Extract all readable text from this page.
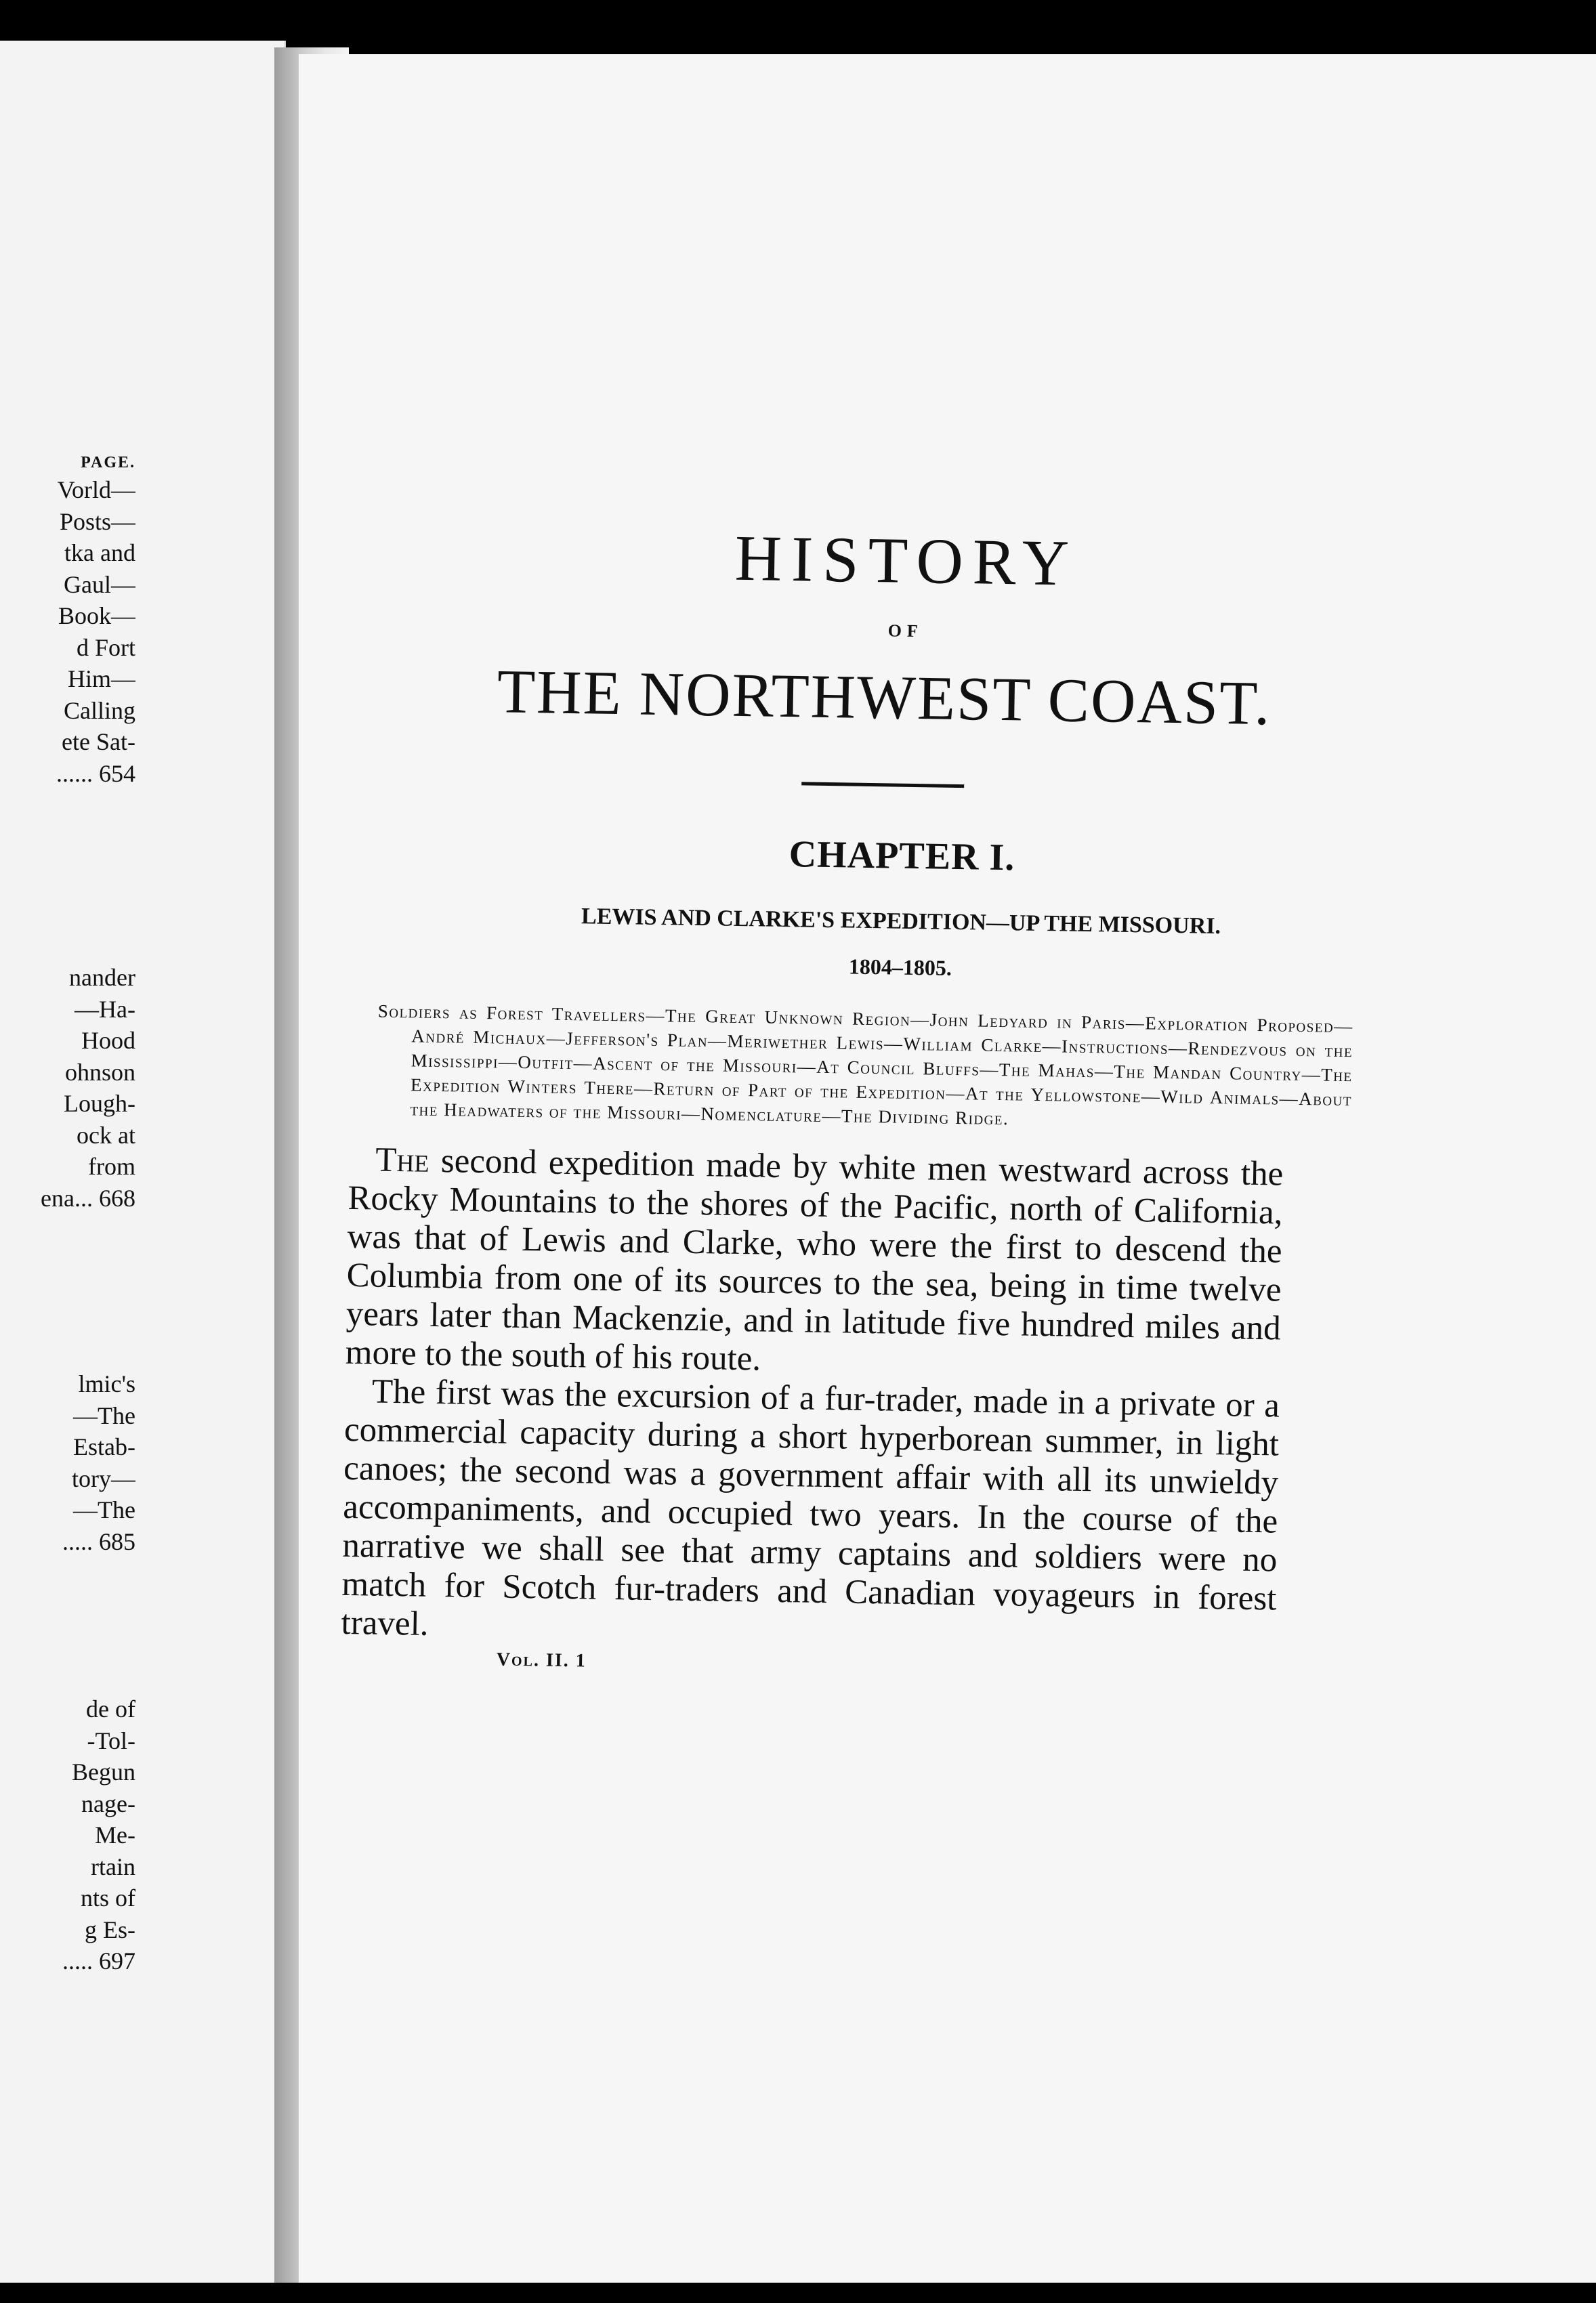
PAGE.
Vorld—
Posts—
tka and
Gaul—
Book—
d Fort
Him—
Calling
ete Sat-
...... 654
nander
—Ha-
Hood
ohnson
Lough-
ock at
from
ena... 668
lmic's
—The
Estab-
tory—
—The
..... 685
de of
-Tol-
Begun
nage-
Me-
rtain
nts of
g Es-
..... 697
HISTORY
OF
THE NORTHWEST COAST.
CHAPTER I.
LEWIS AND CLARKE'S EXPEDITION—UP THE MISSOURI.
1804–1805.

Soldiers as Forest Travellers—The Great Unknown Region—John Ledyard in Paris—Exploration Proposed—André Michaux—Jefferson's Plan—Meriwether Lewis—William Clarke—Instructions—Rendezvous on the Mississippi—Outfit—Ascent of the Missouri—At Council Bluffs—The Mahas—The Mandan Country—The Expedition Winters There—Return of Part of the Expedition—At the Yellowstone—Wild Animals—About the Headwaters of the Missouri—Nomenclature—The Dividing Ridge.

The second expedition made by white men westward across the Rocky Mountains to the shores of the Pacific, north of California, was that of Lewis and Clarke, who were the first to descend the Columbia from one of its sources to the sea, being in time twelve years later than Mackenzie, and in latitude five hundred miles and more to the south of his route.

The first was the excursion of a fur-trader, made in a private or a commercial capacity during a short hyperborean summer, in light canoes; the second was a government affair with all its unwieldy accompaniments, and occupied two years. In the course of the narrative we shall see that army captains and soldiers were no match for Scotch fur-traders and Canadian voyageurs in forest travel.

Vol. II. 1
